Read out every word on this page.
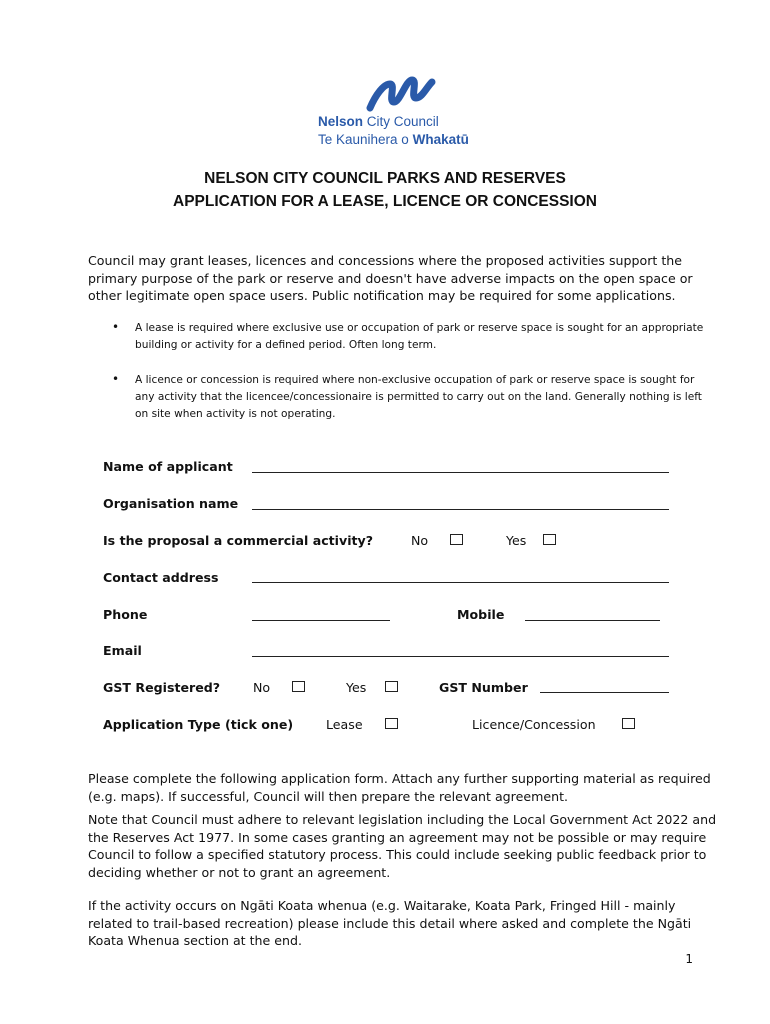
Nelson City Council
Te Kaunihera o Whakatū
NELSON CITY COUNCIL PARKS AND RESERVES
APPLICATION FOR A LEASE, LICENCE OR CONCESSION
Council may grant leases, licences and concessions where the proposed activities support the primary purpose of the park or reserve and doesn't have adverse impacts on the open space or other legitimate open space users. Public notification may be required for some applications.
• A lease is required where exclusive use or occupation of park or reserve space is sought for an appropriate building or activity for a defined period. Often long term.
• A licence or concession is required where non-exclusive occupation of park or reserve space is sought for any activity that the licencee/concessionaire is permitted to carry out on the land. Generally nothing is left on site when activity is not operating.
Name of applicant
Organisation name
Is the proposal a commercial activity?	No	Yes
Contact address
Phone	Mobile
Email
GST Registered?	No	Yes	GST Number
Application Type (tick one)	Lease	Licence/Concession
Please complete the following application form. Attach any further supporting material as required (e.g. maps). If successful, Council will then prepare the relevant agreement.
Note that Council must adhere to relevant legislation including the Local Government Act 2022 and the Reserves Act 1977. In some cases granting an agreement may not be possible or may require Council to follow a specified statutory process. This could include seeking public feedback prior to deciding whether or not to grant an agreement.
If the activity occurs on Ngāti Koata whenua (e.g. Waitarake, Koata Park, Fringed Hill - mainly related to trail-based recreation) please include this detail where asked and complete the Ngāti Koata Whenua section at the end.
1
